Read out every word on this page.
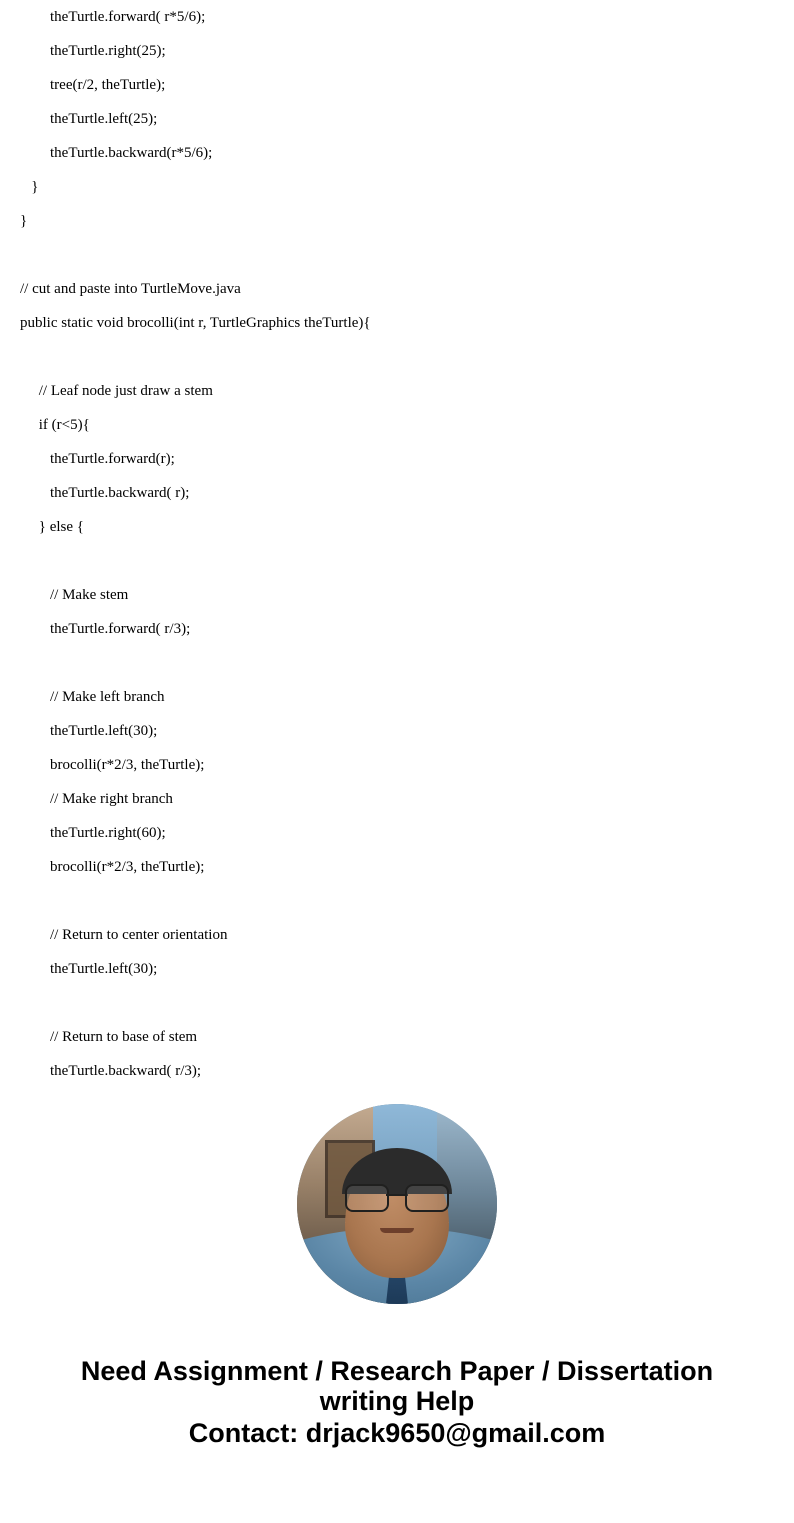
theTurtle.forward( r*5/6);
theTurtle.right(25);
tree(r/2, theTurtle);
theTurtle.left(25);
theTurtle.backward(r*5/6);
}
}
// cut and paste into TurtleMove.java
public static void brocolli(int r, TurtleGraphics theTurtle){
// Leaf node just draw a stem
if (r<5){
theTurtle.forward(r);
theTurtle.backward( r);
} else {
// Make stem
theTurtle.forward( r/3);
// Make left branch
theTurtle.left(30);
brocolli(r*2/3, theTurtle);
// Make right branch
theTurtle.right(60);
brocolli(r*2/3, theTurtle);
// Return to center orientation
theTurtle.left(30);
// Return to base of stem
theTurtle.backward( r/3);
Need Assignment / Research Paper / Dissertation
writing Help
Contact: drjack9650@gmail.com
